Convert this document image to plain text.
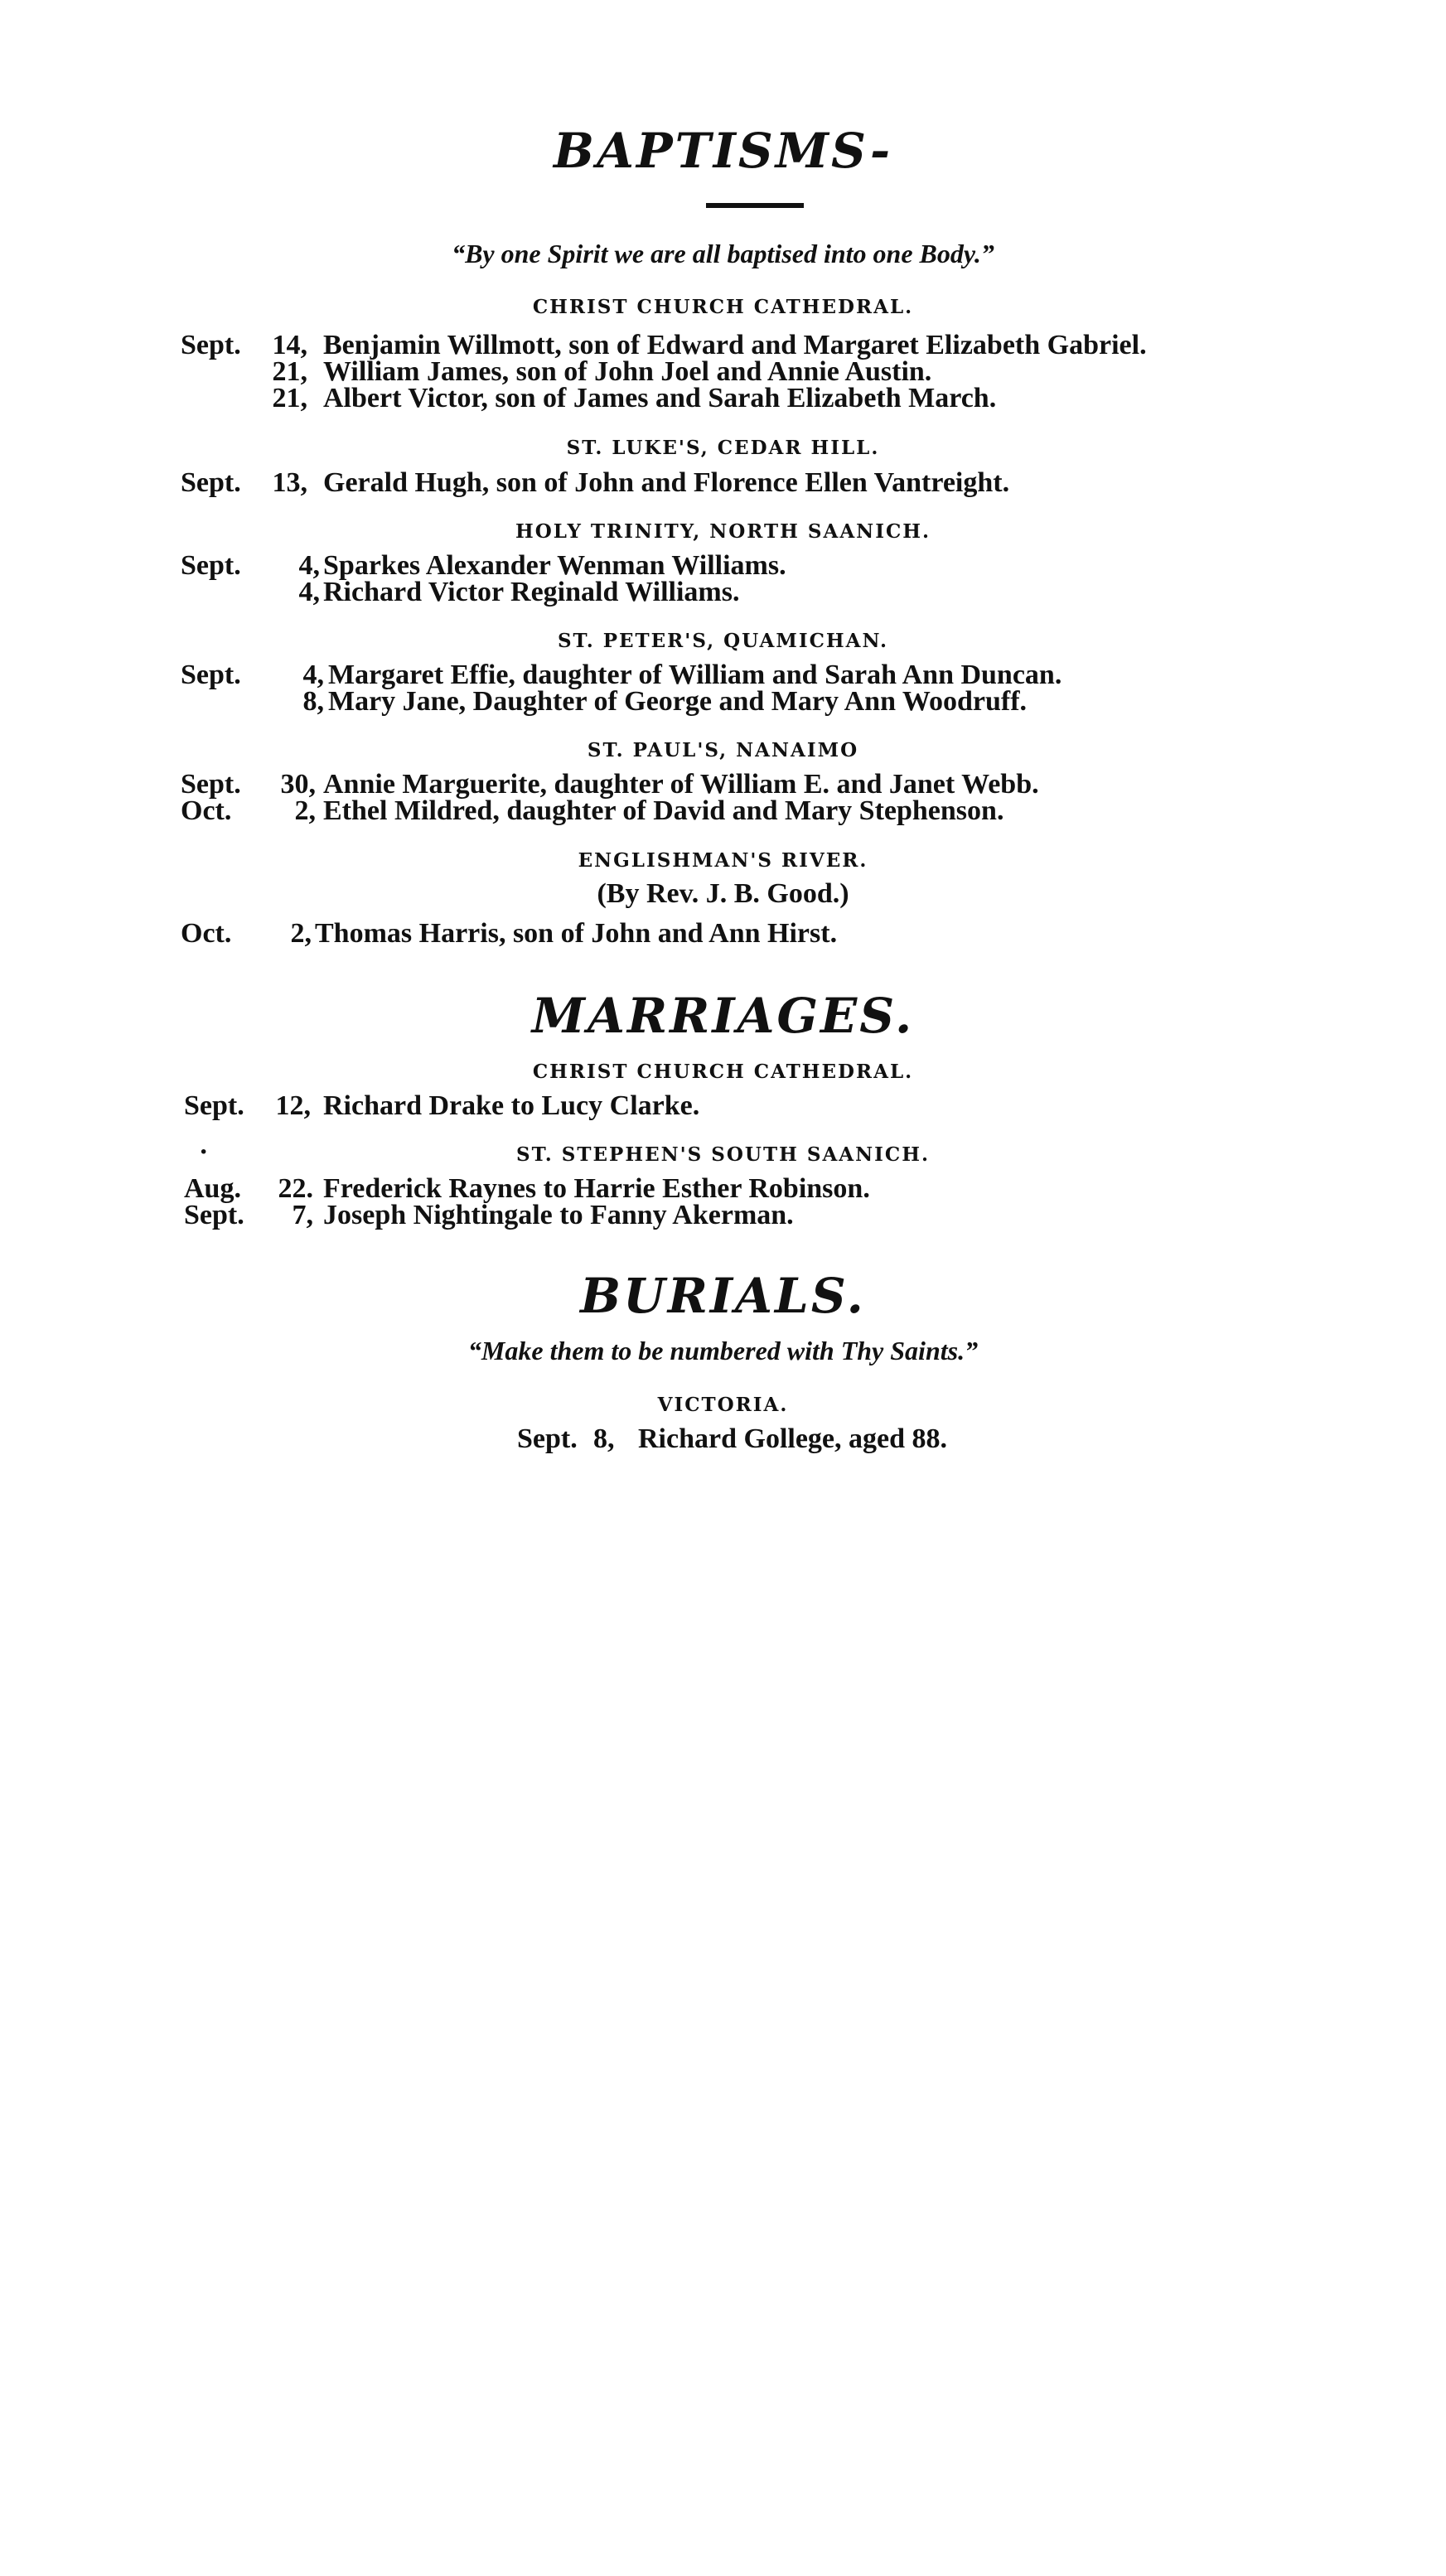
BAPTISMS-
“By one Spirit we are all baptised into one Body.”
CHRIST CHURCH CATHEDRAL.
Sept.	14, Benjamin Willmott, son of Edward and Margaret Elizabeth Gabriel.
21, William James, son of John Joel and Annie Austin.
21, Albert Victor, son of James and Sarah Elizabeth March.
ST. LUKE'S, CEDAR HILL.
Sept.	13, Gerald Hugh, son of John and Florence Ellen Vantreight.
HOLY TRINITY, NORTH SAANICH.
Sept.	4, Sparkes Alexander Wenman Williams.
4, Richard Victor Reginald Williams.
ST. PETER'S, QUAMICHAN.
Sept.	4, Margaret Effie, daughter of William and Sarah Ann Duncan.
8, Mary Jane, Daughter of George and Mary Ann Woodruff.
ST. PAUL'S, NANAIMO
Sept.	30, Annie Marguerite, daughter of William E. and Janet Webb.
Oct.	2, Ethel Mildred, daughter of David and Mary Stephenson.
ENGLISHMAN'S RIVER.
(By Rev. J. B. Good.)
Oct.	2, Thomas Harris, son of John and Ann Hirst.
MARRIAGES.
CHRIST CHURCH CATHEDRAL.
Sept.	12, Richard Drake to Lucy Clarke.
·	ST. STEPHEN'S SOUTH SAANICH.
Aug.	22. Frederick Raynes to Harrie Esther Robinson.
Sept.	7, Joseph Nightingale to Fanny Akerman.
BURIALS.
“Make them to be numbered with Thy Saints.”
VICTORIA.
Sept. 8, Richard Gollege, aged 88.
